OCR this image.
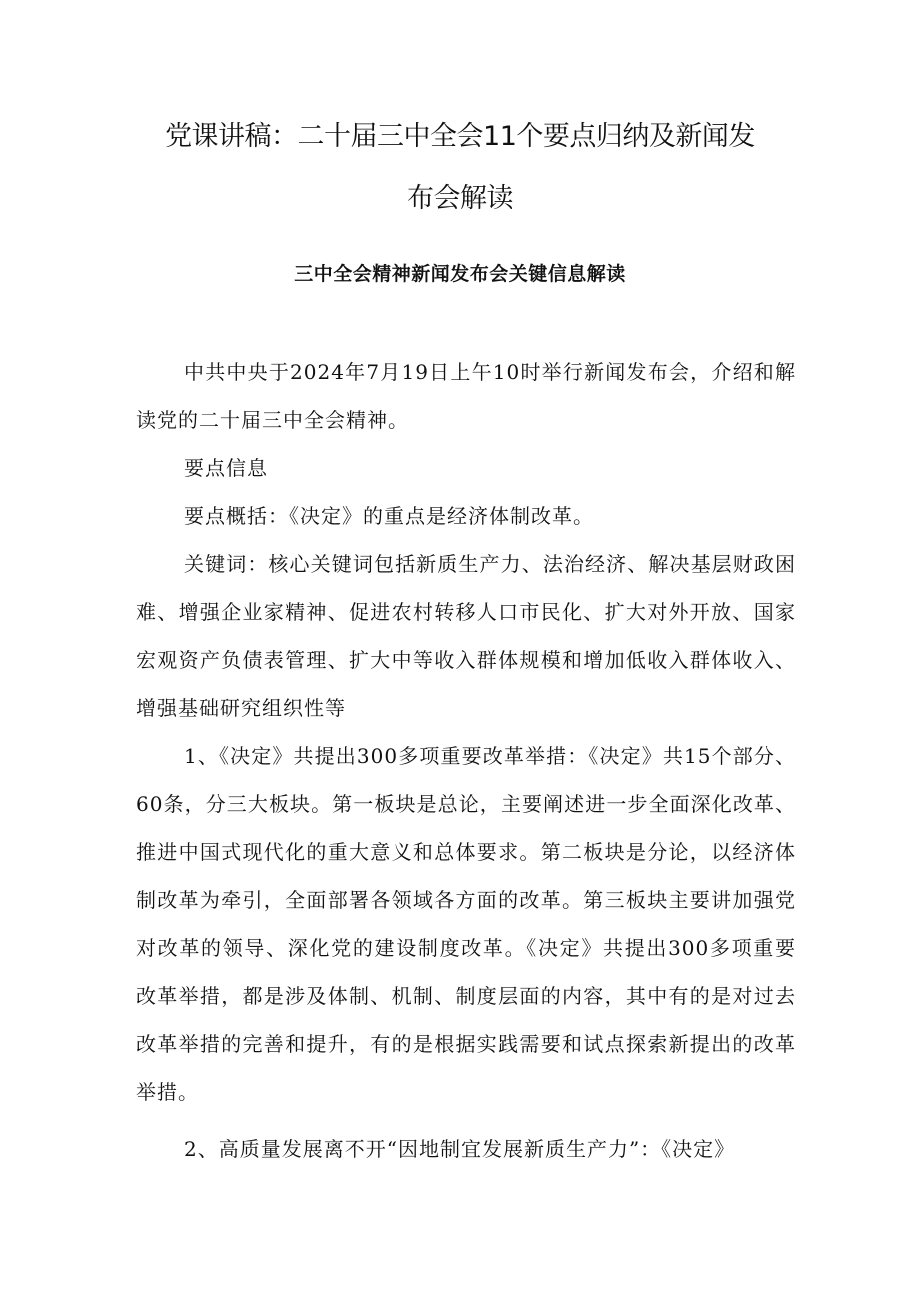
党课讲稿：二十届三中全会11个要点归纳及新闻发
布会解读
三中全会精神新闻发布会关键信息解读

中共中央于2024年7月19日上午10时举行新闻发布会，介绍和解读党的二十届三中全会精神。

要点信息

要点概括：《决定》的重点是经济体制改革。

关键词：核心关键词包括新质生产力、法治经济、解决基层财政困难、增强企业家精神、促进农村转移人口市民化、扩大对外开放、国家宏观资产负债表管理、扩大中等收入群体规模和增加低收入群体收入、增强基础研究组织性等

1、《决定》共提出300多项重要改革举措：《决定》共15个部分、60条，分三大板块。第一板块是总论，主要阐述进一步全面深化改革、推进中国式现代化的重大意义和总体要求。第二板块是分论，以经济体制改革为牵引，全面部署各领域各方面的改革。第三板块主要讲加强党对改革的领导、深化党的建设制度改革。《决定》共提出300多项重要改革举措，都是涉及体制、机制、制度层面的内容，其中有的是对过去改革举措的完善和提升，有的是根据实践需要和试点探索新提出的改革举措。

2、高质量发展离不开“因地制宜发展新质生产力”：《决定》
